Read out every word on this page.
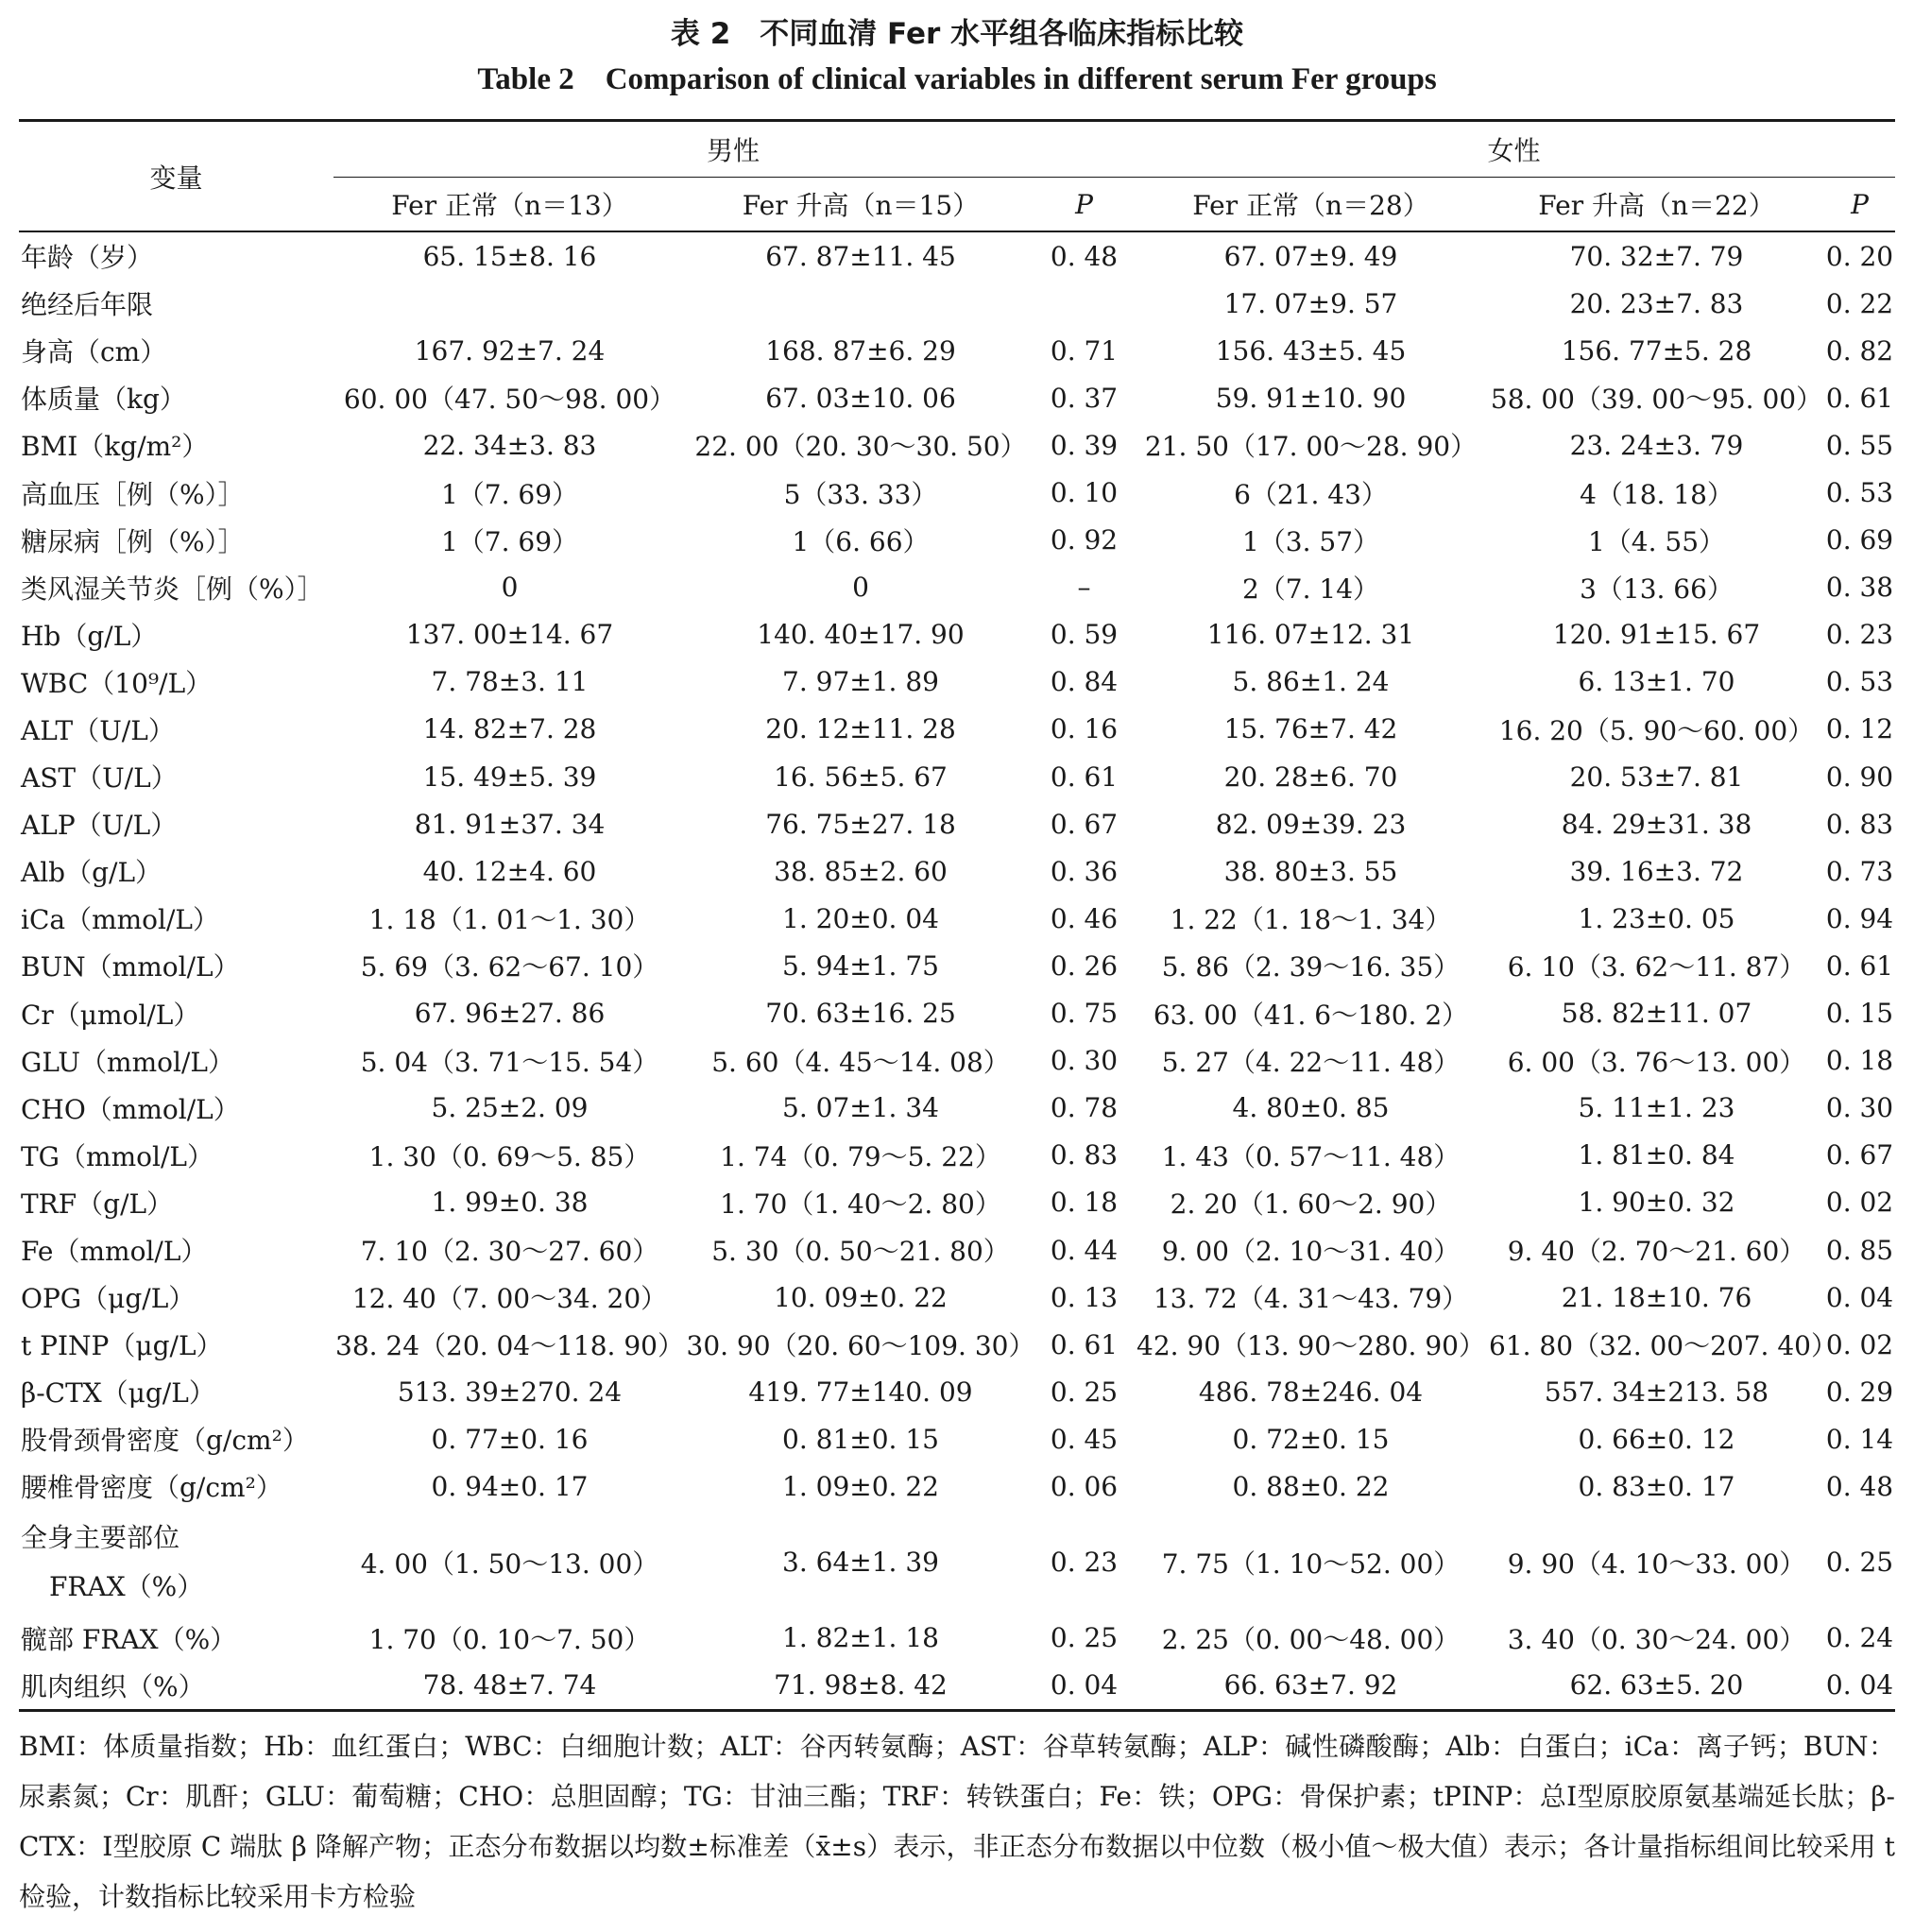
表 2　不同血清 Fer 水平组各临床指标比较
Table 2　Comparison of clinical variables in different serum Fer groups
变量	男性			女性		
	Fer 正常（n＝13）	Fer 升高（n＝15）	P	Fer 正常（n＝28）	Fer 升高（n＝22）	P
年龄（岁）	65. 15±8. 16	67. 87±11. 45	0. 48	67. 07±9. 49	70. 32±7. 79	0. 20
绝经后年限				17. 07±9. 57	20. 23±7. 83	0. 22
身高（cm）	167. 92±7. 24	168. 87±6. 29	0. 71	156. 43±5. 45	156. 77±5. 28	0. 82
体质量（kg）	60. 00（47. 50～98. 00）	67. 03±10. 06	0. 37	59. 91±10. 90	58. 00（39. 00～95. 00）	0. 61
BMI（kg/m²）	22. 34±3. 83	22. 00（20. 30～30. 50）	0. 39	21. 50（17. 00～28. 90）	23. 24±3. 79	0. 55
高血压［例（%）］	1（7. 69）	5（33. 33）	0. 10	6（21. 43）	4（18. 18）	0. 53
糖尿病［例（%）］	1（7. 69）	1（6. 66）	0. 92	1（3. 57）	1（4. 55）	0. 69
类风湿关节炎［例（%）］	0	0	–	2（7. 14）	3（13. 66）	0. 38
Hb（g/L）	137. 00±14. 67	140. 40±17. 90	0. 59	116. 07±12. 31	120. 91±15. 67	0. 23
WBC（10⁹/L）	7. 78±3. 11	7. 97±1. 89	0. 84	5. 86±1. 24	6. 13±1. 70	0. 53
ALT（U/L）	14. 82±7. 28	20. 12±11. 28	0. 16	15. 76±7. 42	16. 20（5. 90～60. 00）	0. 12
AST（U/L）	15. 49±5. 39	16. 56±5. 67	0. 61	20. 28±6. 70	20. 53±7. 81	0. 90
ALP（U/L）	81. 91±37. 34	76. 75±27. 18	0. 67	82. 09±39. 23	84. 29±31. 38	0. 83
Alb（g/L）	40. 12±4. 60	38. 85±2. 60	0. 36	38. 80±3. 55	39. 16±3. 72	0. 73
iCa（mmol/L）	1. 18（1. 01～1. 30）	1. 20±0. 04	0. 46	1. 22（1. 18～1. 34）	1. 23±0. 05	0. 94
BUN（mmol/L）	5. 69（3. 62～67. 10）	5. 94±1. 75	0. 26	5. 86（2. 39～16. 35）	6. 10（3. 62～11. 87）	0. 61
Cr（μmol/L）	67. 96±27. 86	70. 63±16. 25	0. 75	63. 00（41. 6～180. 2）	58. 82±11. 07	0. 15
GLU（mmol/L）	5. 04（3. 71～15. 54）	5. 60（4. 45～14. 08）	0. 30	5. 27（4. 22～11. 48）	6. 00（3. 76～13. 00）	0. 18
CHO（mmol/L）	5. 25±2. 09	5. 07±1. 34	0. 78	4. 80±0. 85	5. 11±1. 23	0. 30
TG（mmol/L）	1. 30（0. 69～5. 85）	1. 74（0. 79～5. 22）	0. 83	1. 43（0. 57～11. 48）	1. 81±0. 84	0. 67
TRF（g/L）	1. 99±0. 38	1. 70（1. 40～2. 80）	0. 18	2. 20（1. 60～2. 90）	1. 90±0. 32	0. 02
Fe（mmol/L）	7. 10（2. 30～27. 60）	5. 30（0. 50～21. 80）	0. 44	9. 00（2. 10～31. 40）	9. 40（2. 70～21. 60）	0. 85
OPG（μg/L）	12. 40（7. 00～34. 20）	10. 09±0. 22	0. 13	13. 72（4. 31～43. 79）	21. 18±10. 76	0. 04
t PINP（μg/L）	38. 24（20. 04～118. 90）	30. 90（20. 60～109. 30）	0. 61	42. 90（13. 90～280. 90）	61. 80（32. 00～207. 40）	0. 02
β-CTX（μg/L）	513. 39±270. 24	419. 77±140. 09	0. 25	486. 78±246. 04	557. 34±213. 58	0. 29
股骨颈骨密度（g/cm²）	0. 77±0. 16	0. 81±0. 15	0. 45	0. 72±0. 15	0. 66±0. 12	0. 14
腰椎骨密度（g/cm²）	0. 94±0. 17	1. 09±0. 22	0. 06	0. 88±0. 22	0. 83±0. 17	0. 48

全身主要部位
FRAX（%）	4. 00（1. 50～13. 00）	3. 64±1. 39	0. 23	7. 75（1. 10～52. 00）	9. 90（4. 10～33. 00）	0. 25
髋部 FRAX（%）	1. 70（0. 10～7. 50）	1. 82±1. 18	0. 25	2. 25（0. 00～48. 00）	3. 40（0. 30～24. 00）	0. 24
肌肉组织（%）	78. 48±7. 74	71. 98±8. 42	0. 04	66. 63±7. 92	62. 63±5. 20	0. 04
BMI：体质量指数；Hb：血红蛋白；WBC：白细胞计数；ALT：谷丙转氨酶；AST：谷草转氨酶；ALP：碱性磷酸酶；Alb：白蛋白；iCa：离子钙；BUN：尿素氮；Cr：肌酐；GLU：葡萄糖；CHO：总胆固醇；TG：甘油三酯；TRF：转铁蛋白；Fe：铁；OPG：骨保护素；tPINP：总Ⅰ型原胶原氨基端延长肽；β-CTX：Ⅰ型胶原 C 端肽 β 降解产物；正态分布数据以均数±标准差（x̄±s）表示，非正态分布数据以中位数（极小值～极大值）表示；各计量指标组间比较采用 t 检验，计数指标比较采用卡方检验
